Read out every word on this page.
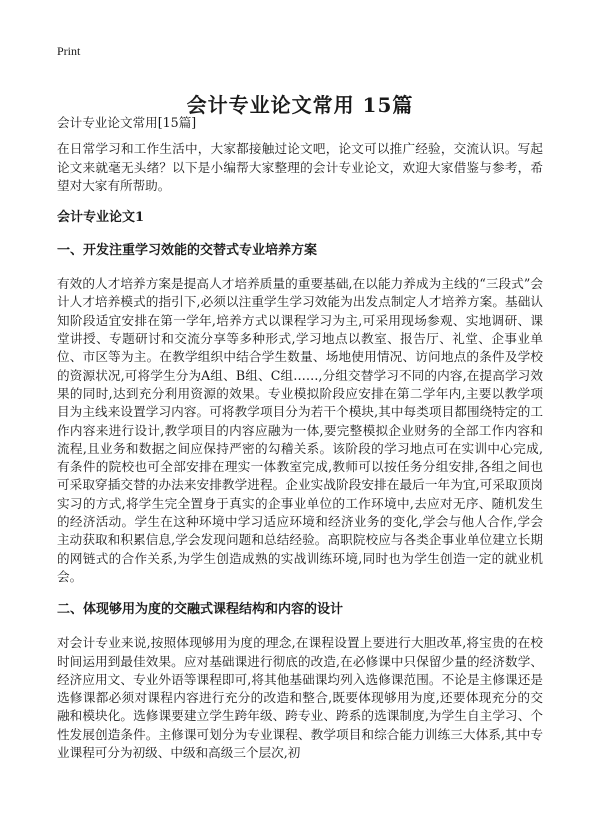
Print
会计专业论文常用 15篇

会计专业论文常用[15篇]

在日常学习和工作生活中，大家都接触过论文吧，论文可以推广经验，交流认识。写起论文来就毫无头绪？以下是小编帮大家整理的会计专业论文，欢迎大家借鉴与参考，希望对大家有所帮助。

会计专业论文1
一、开发注重学习效能的交替式专业培养方案

有效的人才培养方案是提高人才培养质量的重要基础,在以能力养成为主线的“三段式”会计人才培养模式的指引下,必须以注重学生学习效能为出发点制定人才培养方案。基础认知阶段适宜安排在第一学年,培养方式以课程学习为主,可采用现场参观、实地调研、课堂讲授、专题研讨和交流分享等多种形式,学习地点以教室、报告厅、礼堂、企事业单位、市区等为主。在教学组织中结合学生数量、场地使用情况、访问地点的条件及学校的资源状况,可将学生分为A组、B组、C组……,分组交替学习不同的内容,在提高学习效果的同时,达到充分利用资源的效果。专业模拟阶段应安排在第二学年内,主要以教学项目为主线来设置学习内容。可将教学项目分为若干个模块,其中每类项目都围绕特定的工作内容来进行设计,教学项目的内容应融为一体,要完整模拟企业财务的全部工作内容和流程,且业务和数据之间应保持严密的勾稽关系。该阶段的学习地点可在实训中心完成,有条件的院校也可全部安排在理实一体教室完成,教师可以按任务分组安排,各组之间也可采取穿插交替的办法来安排教学进程。企业实战阶段安排在最后一年为宜,可采取顶岗实习的方式,将学生完全置身于真实的企事业单位的工作环境中,去应对无序、随机发生的经济活动。学生在这种环境中学习适应环境和经济业务的变化,学会与他人合作,学会主动获取和积累信息,学会发现问题和总结经验。高职院校应与各类企事业单位建立长期的网链式的合作关系,为学生创造成熟的实战训练环境,同时也为学生创造一定的就业机会。

二、体现够用为度的交融式课程结构和内容的设计

对会计专业来说,按照体现够用为度的理念,在课程设置上要进行大胆改革,将宝贵的在校时间运用到最佳效果。应对基础课进行彻底的改造,在必修课中只保留少量的经济数学、经济应用文、专业外语等课程即可,将其他基础课均列入选修课范围。不论是主修课还是选修课都必须对课程内容进行充分的改造和整合,既要体现够用为度,还要体现充分的交融和模块化。选修课要建立学生跨年级、跨专业、跨系的选课制度,为学生自主学习、个性发展创造条件。主修课可划分为专业课程、教学项目和综合能力训练三大体系,其中专业课程可分为初级、中级和高级三个层次,初
